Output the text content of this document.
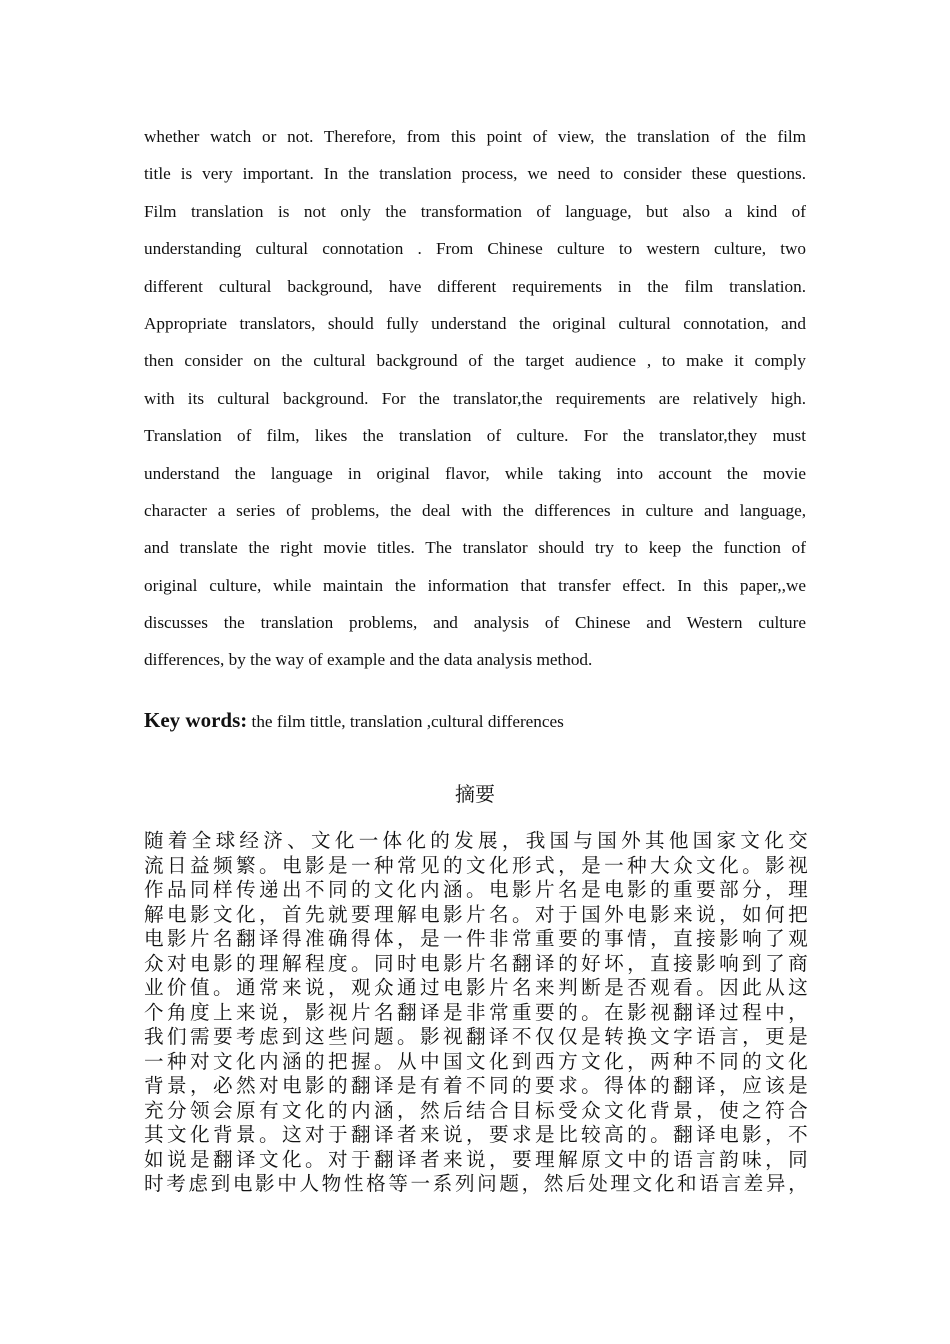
whether watch or not. Therefore, from this point of view, the translation of the film
title is very important. In the translation process, we need to consider these questions.
Film translation is not only the transformation of language, but also a kind of
understanding cultural connotation . From Chinese culture to western culture, two
different cultural background, have different requirements in the film translation.
Appropriate translators, should fully understand the original cultural connotation, and
then consider on the cultural background of the target audience , to make it comply
with its cultural background. For the translator,the requirements are relatively high.
Translation of film, likes the translation of culture. For the translator,they must
understand the language in original flavor, while taking into account the movie
character a series of problems, the deal with the differences in culture and language,
and translate the right movie titles. The translator should try to keep the function of
original culture, while maintain the information that transfer effect. In this paper,,we
discusses the translation problems, and analysis of Chinese and Western culture
differences, by the way of example and the data analysis method.
Key words: the film tittle, translation ,cultural differences
摘要
随着全球经济、文化一体化的发展，我国与国外其他国家文化交
流日益频繁。电影是一种常见的文化形式，是一种大众文化。影视
作品同样传递出不同的文化内涵。电影片名是电影的重要部分，理
解电影文化，首先就要理解电影片名。对于国外电影来说，如何把
电影片名翻译得准确得体，是一件非常重要的事情，直接影响了观
众对电影的理解程度。同时电影片名翻译的好坏，直接影响到了商
业价值。通常来说，观众通过电影片名来判断是否观看。因此从这
个角度上来说，影视片名翻译是非常重要的。在影视翻译过程中，
我们需要考虑到这些问题。影视翻译不仅仅是转换文字语言，更是
一种对文化内涵的把握。从中国文化到西方文化，两种不同的文化
背景，必然对电影的翻译是有着不同的要求。得体的翻译，应该是
充分领会原有文化的内涵，然后结合目标受众文化背景，使之符合
其文化背景。这对于翻译者来说，要求是比较高的。翻译电影，不
如说是翻译文化。对于翻译者来说，要理解原文中的语言韵味，同
时考虑到电影中人物性格等一系列问题，然后处理文化和语言差异，
